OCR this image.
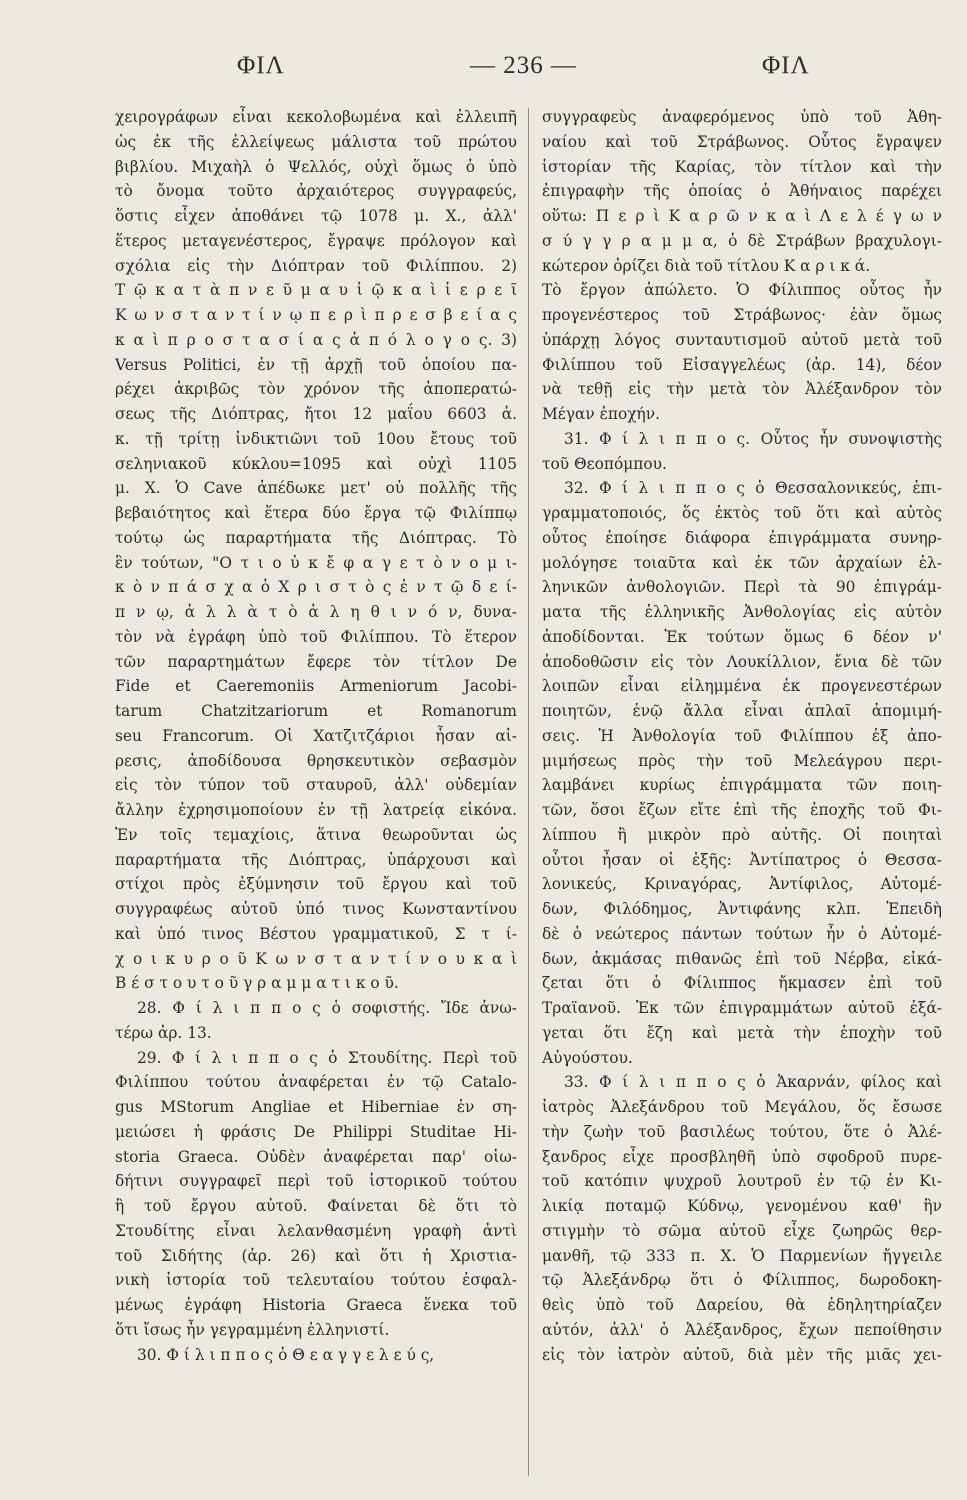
ΦΙΛ	— 236 —	ΦΙΛ

χειρογράφων εἶναι κεκολοβωμένα καὶ ἐλλειπῆ

ὡς ἐκ τῆς ἐλλείψεως μάλιστα τοῦ πρώτου

βιβλίου. Μιχαὴλ ὁ Ψελλός, οὐχὶ ὅμως ὁ ὑπὸ

τὸ ὄνομα τοῦτο ἀρχαιότερος συγγραφεύς,

ὅστις εἶχεν ἀποθάνει τῷ 1078 μ. Χ., ἀλλ'

ἕτερος μεταγενέστερος, ἔγραψε πρόλογον καὶ

σχόλια εἰς τὴν Διόπτραν τοῦ Φιλίππου. 2)

Τ ῷ κ α τ ὰ π ν ε ῦ μ α υ ἱ ῷ κ α ὶ ἱ ε ρ ε ῖ

Κ ω ν σ τ α ν τ ί ν ῳ π ε ρ ὶ π ρ ε σ β ε ί α ς

κ α ὶ π ρ ο σ τ α σ ί α ς ἀ π ό λ ο γ ο ς. 3)

Versus Politici, ἐν τῇ ἀρχῇ τοῦ ὁποίου πα-

ρέχει ἀκριβῶς τὸν χρόνον τῆς ἀποπερατώ-

σεως τῆς Διόπτρας, ἤτοι 12 μαΐου 6603 ἀ.

κ. τῇ τρίτῃ ἰνδικτιῶνι τοῦ 10ου ἔτους τοῦ

σεληνιακοῦ κύκλου=1095 καὶ οὐχὶ 1105

μ. Χ. Ὁ Cave ἀπέδωκε μετ' οὐ πολλῆς τῆς

βεβαιότητος καὶ ἕτερα δύο ἔργα τῷ Φιλίππῳ

τούτῳ ὡς παραρτήματα τῆς Διόπτρας. Τὸ

ἓν τούτων, "Ο τ ι ο ὐ κ ἔ φ α γ ε τ ὸ ν ο μ ι-

κ ὸ ν π ά σ χ α ὁ Χ ρ ι σ τ ὸ ς ἐ ν τ ῷ δ ε ί-

π ν ῳ, ἀ λ λ ὰ τ ὸ ἀ λ η θ ι ν ό ν, δυνα-

τὸν νὰ ἐγράφη ὑπὸ τοῦ Φιλίππου. Τὸ ἕτερον

τῶν παραρτημάτων ἔφερε τὸν τίτλον De

Fide et Caeremoniis Armeniorum Jacobi-

tarum Chatzitzariorum et Romanorum

seu Francorum. Οἱ Χατζιτζάριοι ἦσαν αἱ-

ρεσις, ἀποδίδουσα θρησκευτικὸν σεβασμὸν

εἰς τὸν τύπον τοῦ σταυροῦ, ἀλλ' οὐδεμίαν

ἄλλην ἐχρησιμοποίουν ἐν τῇ λατρείᾳ εἰκόνα.

Ἐν τοῖς τεμαχίοις, ἅτινα θεωροῦνται ὡς

παραρτήματα τῆς Διόπτρας, ὑπάρχουσι καὶ

στίχοι πρὸς ἐξύμνησιν τοῦ ἔργου καὶ τοῦ

συγγραφέως αὐτοῦ ὑπό τινος Κωνσταντίνου

καὶ ὑπό τινος Βέστου γραμματικοῦ, Σ τ ί-

χ ο ι κ υ ρ ο ῦ Κ ω ν σ τ α ν τ ί ν ο υ κ α ὶ

Β έ σ τ ο υ τ ο ῦ γ ρ α μ μ α τ ι κ ο ῦ.

28. Φ ί λ ι π π ο ς ὁ σοφιστής. Ἴδε ἀνω-

τέρω ἀρ. 13.

29. Φ ί λ ι π π ο ς ὁ Στουδίτης. Περὶ τοῦ

Φιλίππου τούτου ἀναφέρεται ἐν τῷ Catalo-

gus MStorum Angliae et Hiberniae ἐν ση-

μειώσει ἡ φράσις De Philippi Studitae Hi-

storia Graeca. Οὐδὲν ἀναφέρεται παρ' οἱω-

δήτινι συγγραφεῖ περὶ τοῦ ἱστορικοῦ τούτου

ἢ τοῦ ἔργου αὐτοῦ. Φαίνεται δὲ ὅτι τὸ

Στουδίτης εἶναι λελανθασμένη γραφὴ ἀντὶ

τοῦ Σιδήτης (ἀρ. 26) καὶ ὅτι ἡ Χριστια-

νικὴ ἱστορία τοῦ τελευταίου τούτου ἐσφαλ-

μένως ἐγράφη Historia Graeca ἕνεκα τοῦ

ὅτι ἴσως ἦν γεγραμμένη ἑλληνιστί.

30. Φ ί λ ι π π ο ς ὁ Θ ε α γ γ ε λ ε ύ ς,

συγγραφεὺς ἀναφερόμενος ὑπὸ τοῦ Ἀθη-

ναίου καὶ τοῦ Στράβωνος. Οὗτος ἔγραψεν

ἱστορίαν τῆς Καρίας, τὸν τίτλον καὶ τὴν

ἐπιγραφὴν τῆς ὁποίας ὁ Ἀθήναιος παρέχει

οὕτω: Π ε ρ ὶ Κ α ρ ῶ ν κ α ὶ Λ ε λ έ γ ω ν

σ ύ γ γ ρ α μ μ α, ὁ δὲ Στράβων βραχυλογι-

κώτερον ὁρίζει διὰ τοῦ τίτλου Κ α ρ ι κ ά.

Τὸ ἔργον ἀπώλετο. Ὁ Φίλιππος οὗτος ἦν

προγενέστερος τοῦ Στράβωνος· ἐὰν ὅμως

ὑπάρχῃ λόγος συνταυτισμοῦ αὐτοῦ μετὰ τοῦ

Φιλίππου τοῦ Εἰσαγγελέως (ἀρ. 14), δέον

νὰ τεθῇ εἰς τὴν μετὰ τὸν Ἀλέξανδρον τὸν

Μέγαν ἐποχήν.

31. Φ ί λ ι π π ο ς. Οὗτος ἦν συνοψιστὴς

τοῦ Θεοπόμπου.

32. Φ ί λ ι π π ο ς ὁ Θεσσαλονικεύς, ἐπι-

γραμματοποιός, ὅς ἐκτὸς τοῦ ὅτι καὶ αὐτὸς

οὗτος ἐποίησε διάφορα ἐπιγράμματα συνηρ-

μολόγησε τοιαῦτα καὶ ἐκ τῶν ἀρχαίων ἑλ-

ληνικῶν ἀνθολογιῶν. Περὶ τὰ 90 ἐπιγράμ-

ματα τῆς ἑλληνικῆς Ἀνθολογίας εἰς αὐτὸν

ἀποδίδονται. Ἐκ τούτων ὅμως 6 δέον ν'

ἀποδοθῶσιν εἰς τὸν Λουκίλλιον, ἔνια δὲ τῶν

λοιπῶν εἶναι εἰλημμένα ἐκ προγενεστέρων

ποιητῶν, ἐνῷ ἄλλα εἶναι ἁπλαῖ ἀπομιμή-

σεις. Ἡ Ἀνθολογία τοῦ Φιλίππου ἐξ ἀπο-

μιμήσεως πρὸς τὴν τοῦ Μελεάγρου περι-

λαμβάνει κυρίως ἐπιγράμματα τῶν ποιη-

τῶν, ὅσοι ἔζων εἴτε ἐπὶ τῆς ἐποχῆς τοῦ Φι-

λίππου ἢ μικρὸν πρὸ αὐτῆς. Οἱ ποιηταὶ

οὗτοι ἦσαν οἱ ἑξῆς: Ἀντίπατρος ὁ Θεσσα-

λονικεύς, Κριναγόρας, Ἀντίφιλος, Αὐτομέ-

δων, Φιλόδημος, Ἀντιφάνης κλπ. Ἐπειδὴ

δὲ ὁ νεώτερος πάντων τούτων ἦν ὁ Αὐτομέ-

δων, ἀκμάσας πιθανῶς ἐπὶ τοῦ Νέρβα, εἰκά-

ζεται ὅτι ὁ Φίλιππος ἤκμασεν ἐπὶ τοῦ

Τραϊανοῦ. Ἐκ τῶν ἐπιγραμμάτων αὐτοῦ ἐξά-

γεται ὅτι ἔζη καὶ μετὰ τὴν ἐποχὴν τοῦ

Αὐγούστου.

33. Φ ί λ ι π π ο ς ὁ Ἀκαρνάν, φίλος καὶ

ἰατρὸς Ἀλεξάνδρου τοῦ Μεγάλου, ὅς ἔσωσε

τὴν ζωὴν τοῦ βασιλέως τούτου, ὅτε ὁ Ἀλέ-

ξανδρος εἶχε προσβληθῆ ὑπὸ σφοδροῦ πυρε-

τοῦ κατόπιν ψυχροῦ λουτροῦ ἐν τῷ ἐν Κι-

λικίᾳ ποταμῷ Κύδνῳ, γενομένου καθ' ἣν

στιγμὴν τὸ σῶμα αὐτοῦ εἶχε ζωηρῶς θερ-

μανθῆ, τῷ 333 π. Χ. Ὁ Παρμενίων ἤγγειλε

τῷ Ἀλεξάνδρῳ ὅτι ὁ Φίλιππος, δωροδοκη-

θεὶς ὑπὸ τοῦ Δαρείου, θὰ ἐδηλητηρίαζεν

αὐτόν, ἀλλ' ὁ Ἀλέξανδρος, ἔχων πεποίθησιν

εἰς τὸν ἰατρὸν αὐτοῦ, διὰ μὲν τῆς μιᾶς χει-
